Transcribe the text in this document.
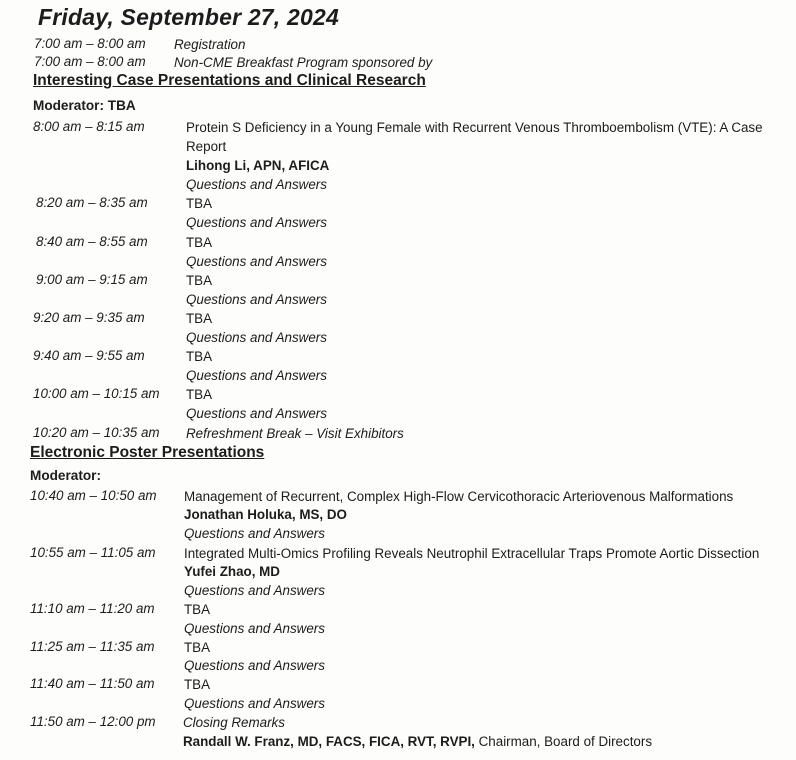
Friday, September 27, 2024
7:00 am – 8:00 am Registration
7:00 am – 8:00 am Non-CME Breakfast Program sponsored by
Interesting Case Presentations and Clinical Research
Moderator: TBA
8:00 am – 8:15 am	Protein S Deficiency in a Young Female with Recurrent Venous Thromboembolism (VTE): A Case
Report
Lihong Li, APN, AFICA
Questions and Answers
8:20 am – 8:35 am	TBA
Questions and Answers
8:40 am – 8:55 am	TBA
Questions and Answers
9:00 am – 9:15 am	TBA
Questions and Answers
9:20 am – 9:35 am	TBA
Questions and Answers
9:40 am – 9:55 am	TBA
Questions and Answers
10:00 am – 10:15 am TBA
Questions and Answers
10:20 am – 10:35 am Refreshment Break – Visit Exhibitors
Electronic Poster Presentations
Moderator:
10:40 am – 10:50 am Management of Recurrent, Complex High-Flow Cervicothoracic Arteriovenous Malformations
Jonathan Holuka, MS, DO
Questions and Answers
10:55 am – 11:05 am Integrated Multi-Omics Profiling Reveals Neutrophil Extracellular Traps Promote Aortic Dissection
Yufei Zhao, MD
Questions and Answers
11:10 am – 11:20 am TBA
Questions and Answers
11:25 am – 11:35 am TBA
Questions and Answers
11:40 am – 11:50 am TBA
Questions and Answers
11:50 am – 12:00 pm Closing Remarks
Randall W. Franz, MD, FACS, FICA, RVT, RVPI, Chairman, Board of Directors
